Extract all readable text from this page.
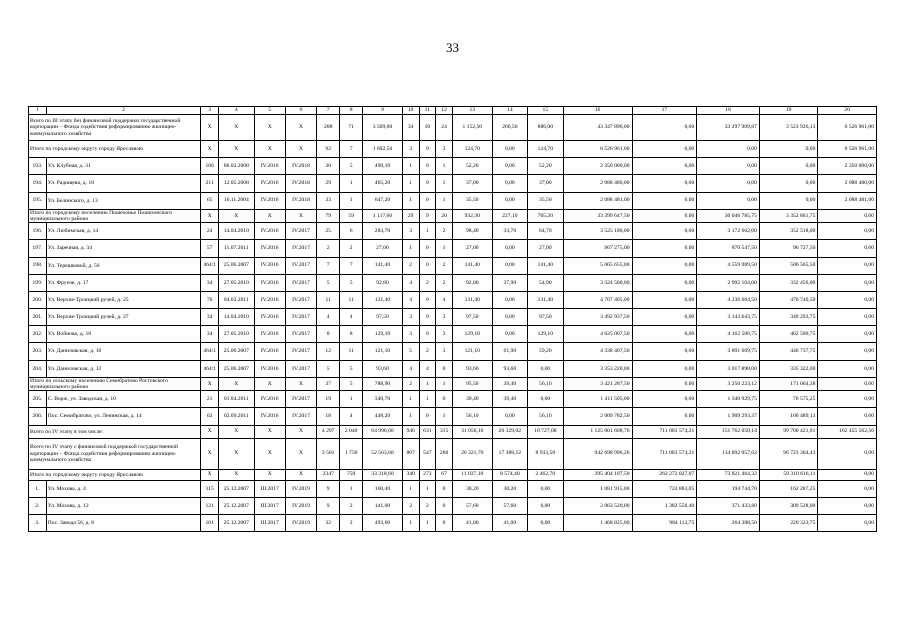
33
1	2	3	4	5	6	7	8	9	10	11	12	13	14	15	16	17	18	19	20
Всего по III этапу без финансовой поддержки государственной корпорации – Фонда содействия реформированию жилищно-коммунального хозяйства		X	X	X	X	208	71	3 509,00	34	10	24	1 152,50	266,50	886,00	43 347 896,00	0,00	33 297 909,87	3 523 926,13	6 526 961,00
Итого по городскому округу городу Ярославлю		X	X	X	X	92	7	1 602,50	3	0	3	124,70	0,00	124,70	6 526 961,00	0,00	0,00	0,00	6 526 961,00
193.	Ул. Клубная, д. 31	166	06.03.2008	IV.2016	IV.2018	30	5	490,10	1	0	1	52,20	0,00	52,20	2 350 000,00	0,00	0,00	0,00	2 350 000,00
194.	Ул. Радищева, д. 18	211	12.05.2008	IV.2016	IV.2018	29	1	465,20	1	0	1	37,00	0,00	37,00	2 088 480,00	0,00	0,00	0,00	2 088 480,00
195.	Ул. Белинского, д. 13	65	16.11.2004	IV.2016	IV.2018	33	1	647,20	1	0	1	35,50	0,00	35,50	2 088 481,00	0,00	0,00	0,00	2 088 481,00
Итого по городскому поселению Пошехонье Пошехонского муниципального района		X	X	X	X	79	59	1 117,60	29	9	20	932,30	227,10	705,20	33 399 647,50	0,00	30 046 785,75	3 352 861,75	0,00
196.	Ул. Любимская, д. 14	24	14.04.2010	IV.2016	IV.2017	25	6	283,70	3	1	2	98,40	33,70	64,70	3 525 180,00	0,00	3 172 662,00	352 518,00	0,00
197.	Ул. Заречная, д. 34	57	11.07.2011	IV.2016	IV.2017	2	2	27,00	1	0	1	27,00	0,00	27,00	967 275,00	0,00	870 547,50	96 727,50	0,00
198.	Ул. Терешковой, д. 56	464/1	25.06.2007	IV.2016	IV.2017	7	7	141,40	2	0	2	141,40	0,00	141,40	5 065 655,00	0,00	4 559 089,50	506 565,50	0,00
199.	Ул. Фрунзе, д. 17	34	27.05.2010	IV.2016	IV.2017	5	5	92,80	4	2	2	92,80	37,90	54,90	3 324 560,00	0,00	2 992 104,00	332 456,00	0,00
200.	Ул. Верхне-Троицкий ручей, д. 25	76	04.03.2011	IV.2016	IV.2017	11	11	131,40	4	0	4	131,40	0,00	131,40	4 707 405,00	0,00	4 236 664,50	470 740,50	0,00
201.	Ул. Верхне-Троицкий ручей, д. 27	34	14.04.2010	IV.2016	IV.2017	4	4	97,50	3	0	3	97,50	0,00	97,50	3 492 937,50	0,00	3 143 643,75	349 293,75	0,00
202.	Ул. Войнова, д. 18	34	27.05.2010	IV.2016	IV.2017	8	8	129,10	3	0	3	129,10	0,00	129,10	4 625 007,50	0,00	4 162 506,75	462 500,75	0,00
203.	Ул. Даниловская, д. 10	464/1	25.06.2007	IV.2016	IV.2017	12	11	121,10	5	2	3	121,10	61,90	59,20	4 338 407,50	0,00	3 891 669,75	446 737,75	0,00
204.	Ул. Даниловская, д. 12	464/1	25.06.2007	IV.2016	IV.2017	5	5	93,60	4	4	0	93,60	93,60	0,00	3 353 220,00	0,00	3 017 898,00	335 322,00	0,00
Итого по сельскому поселению Семибратово Ростовского муниципального района		X	X	X	X	37	5	788,90	2	1	1	95,50	39,40	56,10	3 421 287,50	0,00	3 250 223,12	171 064,38	0,00
205.	С. Ворж, ул. Заводская, д. 10	21	01.04.2011	IV.2016	IV.2017	19	1	340,70	1	1	0	39,40	39,40	0,00	1 411 505,00	0,00	1 340 929,75	70 575,25	0,00
206.	Пос. Семибратово, ул. Ленинская, д. 14	62	02.09.2011	IV.2016	IV.2017	18	4	448,20	1	0	1	56,10	0,00	56,10	2 009 782,50	0,00	1 909 293,37	100 489,13	0,00
Всего по IV этапу в том числе:		X	X	X	X	4 297	2 040	64 996,60	946	631	315	31 056,10	20 329,02	10 727,08	1 125 001 608,76	711 083 574,21	151 762 050,14	99 700 421,91	162 455 562,50
Всего по IV этапу с финансовой поддержкой государственной корпорации – Фонда содействия реформированию жилищно-коммунального хозяйства		X	X	X	X	3 501	1 750	52 563,60	807	547	260	26 321,70	17 388,12	8 933,58	942 698 996,26	711 083 574,21	134 892 057,62	96 723 364,43	0,00
Итого по городскому округу городу Ярославлю		X	X	X	X	2347	759	33 318,60	340	273	67	11 037,10	8 574,40	2 462,70	395 404 107,50	262 272 027,07	73 821 464,32	59 310 616,11	0,00
1.	Ул. Мохова, д. 4	115	25.12.2007	III.2017	IV.2019	9	1	160,40	1	1	0	30,20	30,20	0,00	1 081 915,00	724 883,05	194 744,70	162 287,25	0,00
2.	Ул. Мохова, д. 12	121	25.12.2007	III.2017	IV.2019	9	2	141,00	2	2	0	57,60	57,60	0,00	2 063 520,00	1 382 558,40	371 433,60	309 528,00	0,00
3.	Пос. Завода 56, д. 8	101	25.12.2007	III.2017	IV.2019	32	2	493,60	1	1	0	41,00	41,00	0,00	1 468 825,00	984 112,75	264 388,50	220 323,75	0,00
